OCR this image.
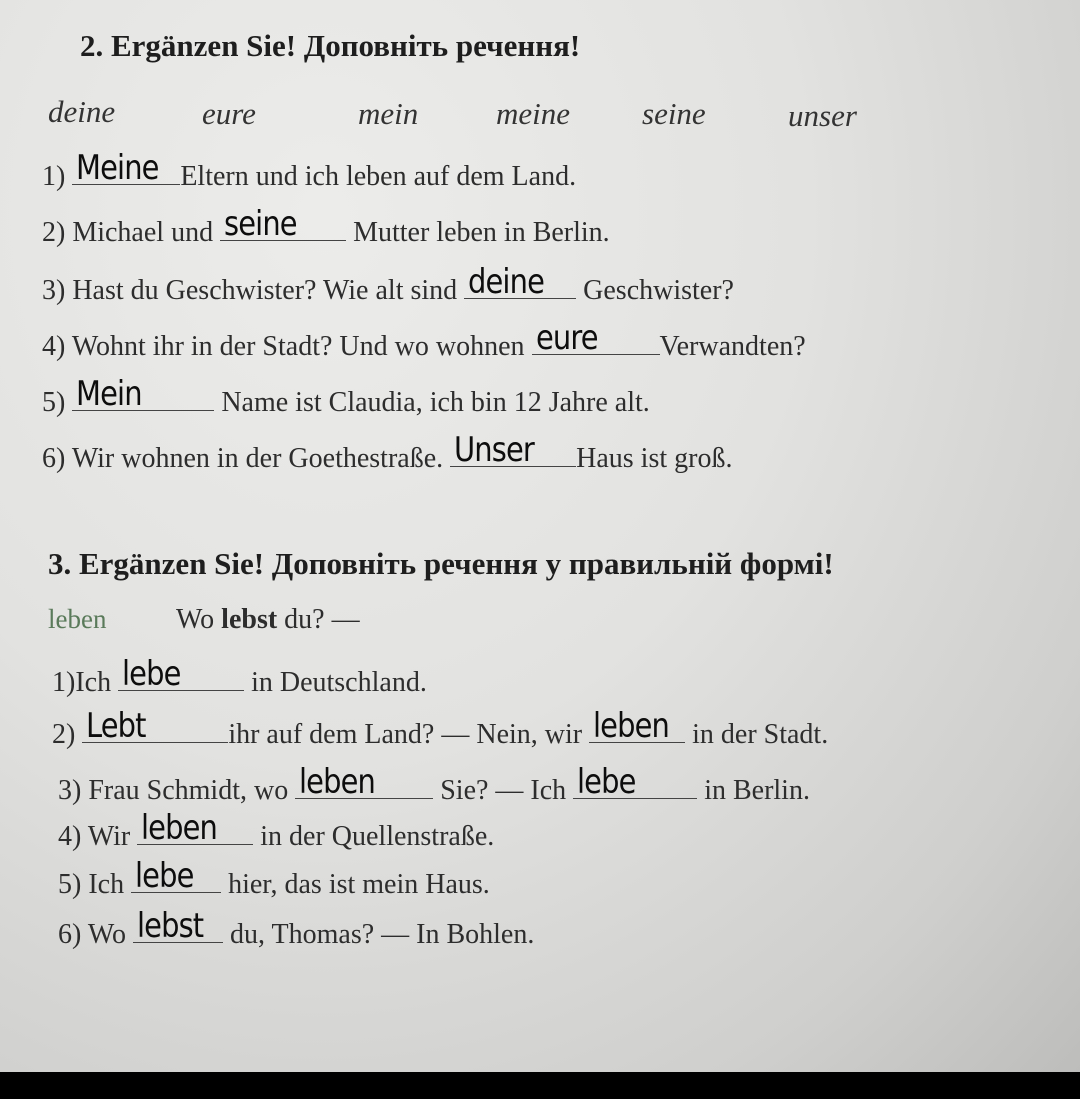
2. Ergänzen Sie! Доповніть речення!
deine	eure	mein	meine seine	unser
1) Meine Eltern und ich leben auf dem Land.
2) Michael und seine Mutter leben in Berlin.
3) Hast du Geschwister? Wie alt sind deine Geschwister?
4) Wohnt ihr in der Stadt? Und wo wohnen eure Verwandten?
5) Mein	Name ist Claudia, ich bin 12 Jahre alt.
6) Wir wohnen in der Goethestraße. Unser Haus ist groß.
3. Ergänzen Sie! Доповніть речення у правильній формі!
leben Wo lebst du? —
1)Ich lebe	in Deutschland.
2) Lebt	ihr auf dem Land? — Nein, wir leben in der Stadt.
3) Frau Schmidt, wo leben Sie? — Ich lebe in Berlin.
4) Wir leben in der Quellenstraße.
5) Ich lebe hier, das ist mein Haus.
6) Wo lebst du, Thomas? — In Bohlen.
